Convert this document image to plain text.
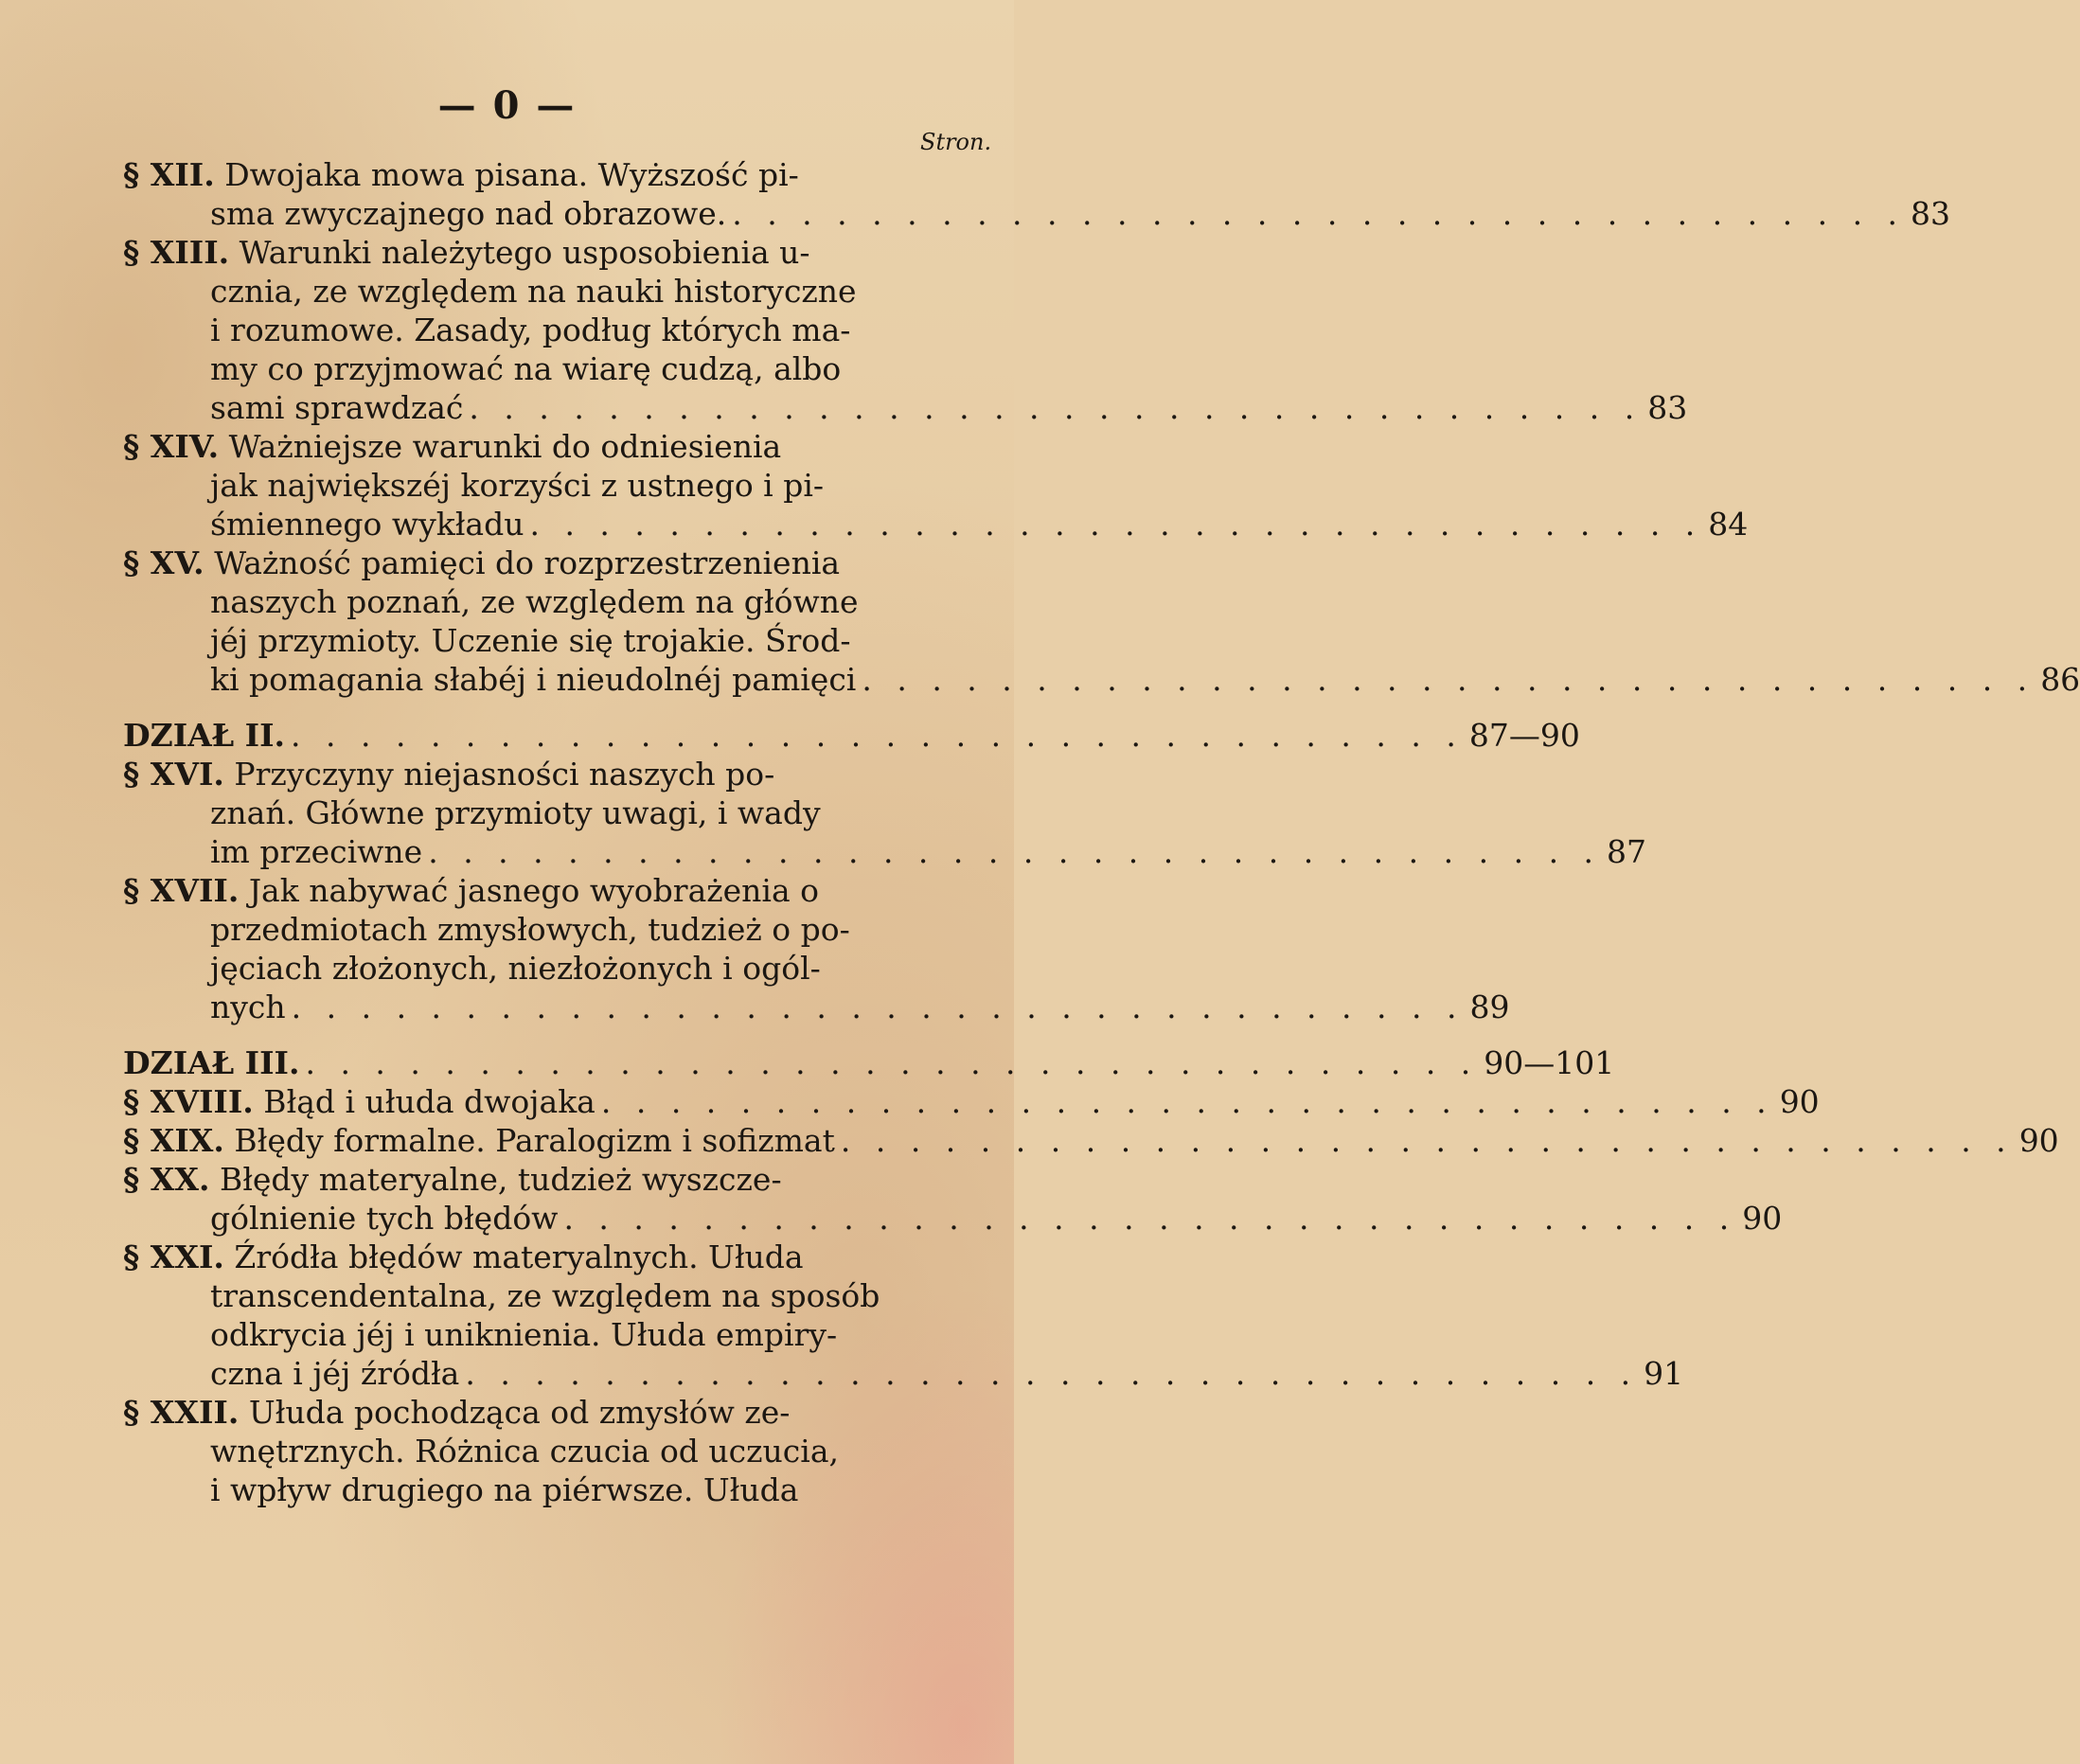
— 0 —
Stron.
§ XII. Dwojaka mowa pisana. Wyższość pi-
sma zwyczajnego nad obrazowe. . . . . . . . . . . . . . . . . . . . . . . . . . . . . . . . . . . 83
§ XIII. Warunki należytego usposobienia u-
cznia, ze względem na nauki historyczne
i rozumowe. Zasady, podług których ma-
my co przyjmować na wiarę cudzą, albo
sami sprawdzać . . . . . . . . . . . . . . . . . . . . . . . . . . . . . . . . . . 83
§ XIV. Ważniejsze warunki do odniesienia
jak największéj korzyści z ustnego i pi-
śmiennego wykładu . . . . . . . . . . . . . . . . . . . . . . . . . . . . . . . . . . 84
§ XV. Ważność pamięci do rozprzestrzenienia
naszych poznań, ze względem na główne
jéj przymioty. Uczenie się trojakie. Środ-
ki pomagania słabéj i nieudolnéj pamięci . . . . . . . . . . . . . . . . . . . . . . . . . . . . . . . . . . 86
DZIAŁ II. . . . . . . . . . . . . . . . . . . . . . . . . . . . . . . . . . . 87—90
§ XVI. Przyczyny niejasności naszych po-
znań. Główne przymioty uwagi, i wady
im przeciwne . . . . . . . . . . . . . . . . . . . . . . . . . . . . . . . . . . 87
§ XVII. Jak nabywać jasnego wyobrażenia o
przedmiotach zmysłowych, tudzież o po-
jęciach złożonych, niezłożonych i ogól-
nych . . . . . . . . . . . . . . . . . . . . . . . . . . . . . . . . . . 89
DZIAŁ III. . . . . . . . . . . . . . . . . . . . . . . . . . . . . . . . . . . 90—101
§ XVIII. Błąd i ułuda dwojaka . . . . . . . . . . . . . . . . . . . . . . . . . . . . . . . . . . 90
§ XIX. Błędy formalne. Paralogizm i sofizmat . . . . . . . . . . . . . . . . . . . . . . . . . . . . . . . . . . 90
§ XX. Błędy materyalne, tudzież wyszcze-
gólnienie tych błędów . . . . . . . . . . . . . . . . . . . . . . . . . . . . . . . . . . 90
§ XXI. Źródła błędów materyalnych. Ułuda
transcendentalna, ze względem na sposób
odkrycia jéj i uniknienia. Ułuda empiry-
czna i jéj źródła . . . . . . . . . . . . . . . . . . . . . . . . . . . . . . . . . . 91
§ XXII. Ułuda pochodząca od zmysłów ze-
wnętrznych. Różnica czucia od uczucia,
i wpływ drugiego na piérwsze. Ułuda
